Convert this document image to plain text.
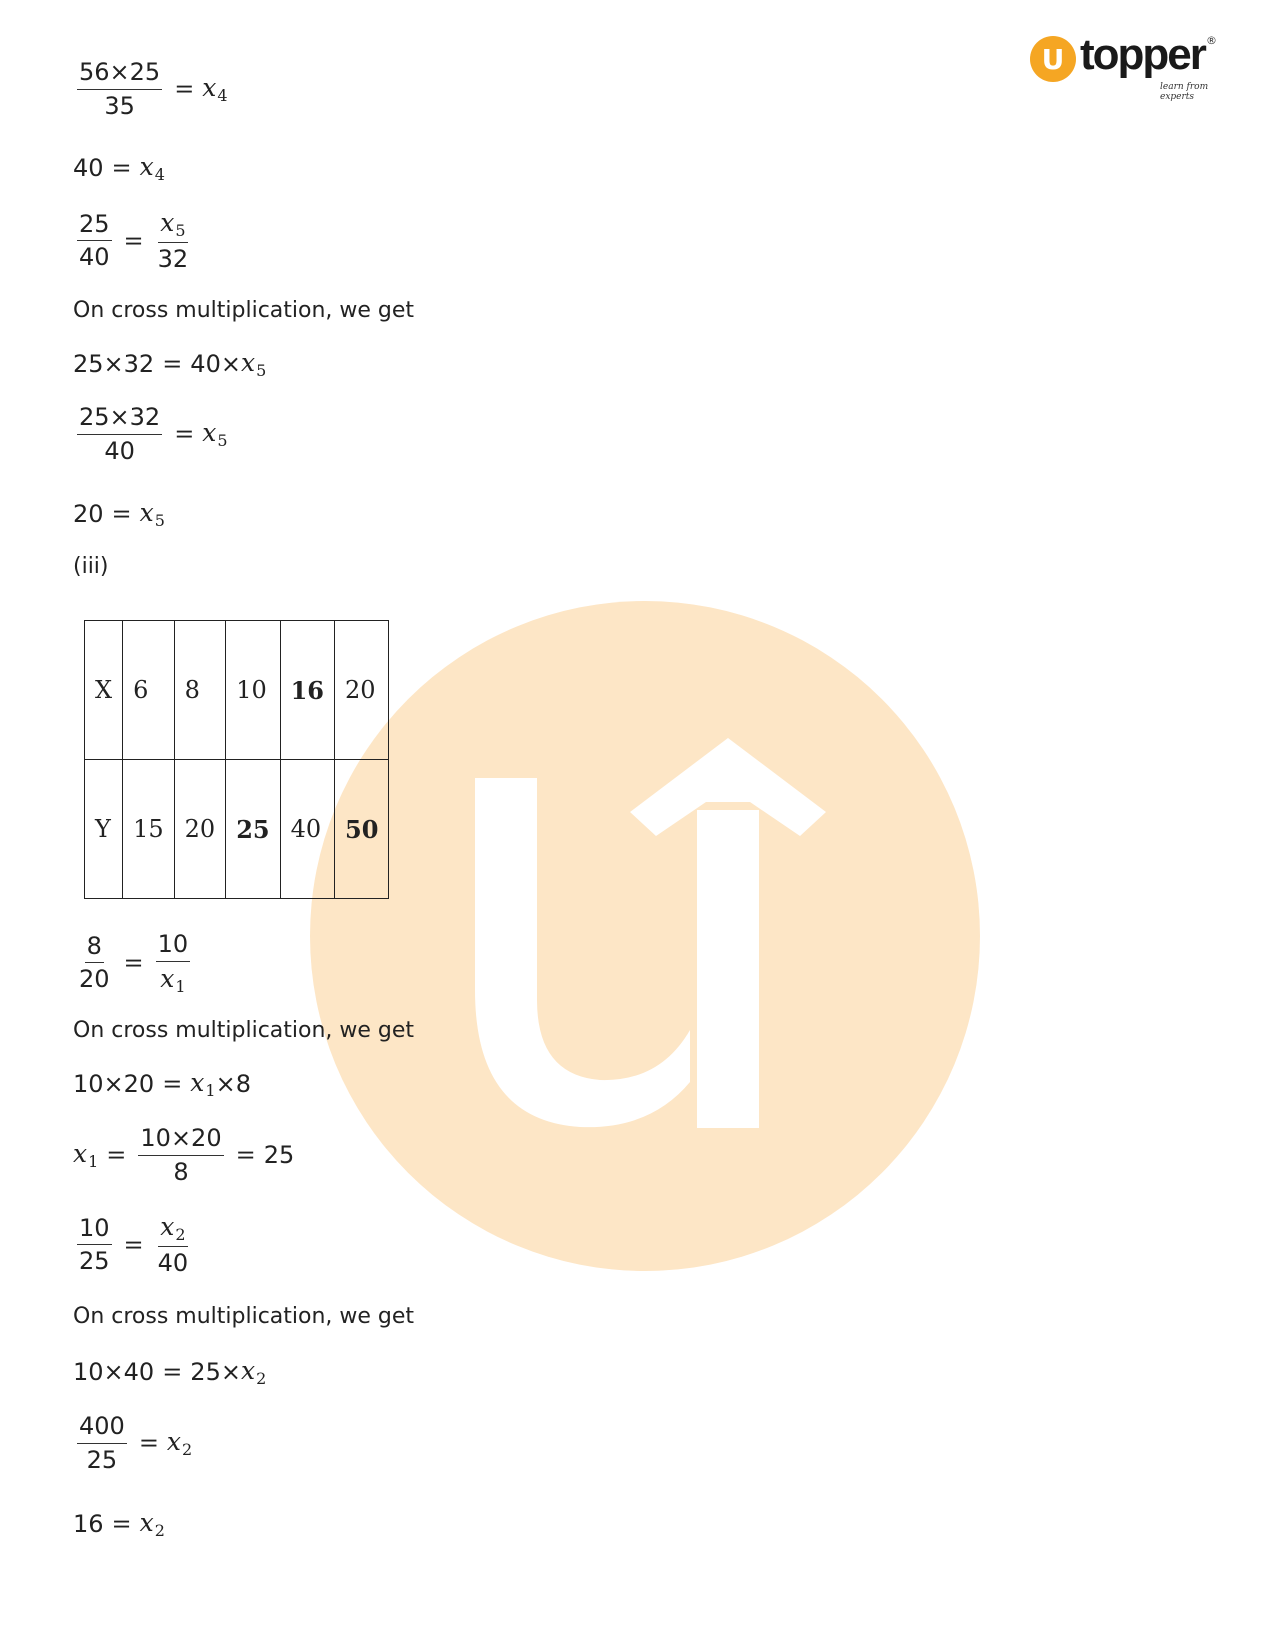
U topper ®
learn from experts
$\frac{56\times 25}{35} = x_4$
$40 = x_4$
$\frac{25}{40} = \frac{x_5}{32}$
On cross multiplication, we get
$25\times 32 = 40\times x_5$
$\frac{25\times 32}{40} = x_5$
$20 = x_5$
(iii)
$\frac{8}{20} = \frac{10}{x_1}$
On cross multiplication, we get
$10\times 20 = x_1 \times 8$
$x_1 = \frac{10\times 20}{8} = 25$
$\frac{10}{25} = \frac{x_2}{40}$
On cross multiplication, we get
$10\times 40 = 25\times x_2$
$\frac{400}{25} = x_2$
$16 = x_2$
X	6	8	10	16	20
Y	15	20	25	40	50
